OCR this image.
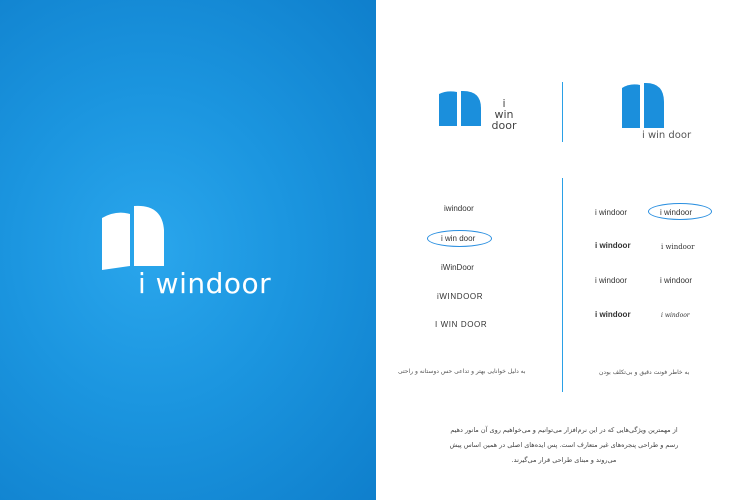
i windoor
i
win
door
i win door
iwindoor
i win door
iWinDoor
iWINDOOR
I WIN DOOR
i windoor	i windoor
i windoor	i windoor
i windoor	i windoor
i windoor	i windoor
به دلیل خوانایی بهتر و تداعی حس دوستانه و راحتی	به خاطر فونت دقیق و بی‌تکلف بودن
از مهمترین ویژگی‌هایی که در این نرم‌افزار می‌توانیم و می‌خواهیم روی آن مانور دهیم
رسم و طراحی پنجره‌های غیر متعارف است. پس ایده‌های اصلی در همین اساس پیش
می‌روند و مبنای طراحی قرار می‌گیرند.
